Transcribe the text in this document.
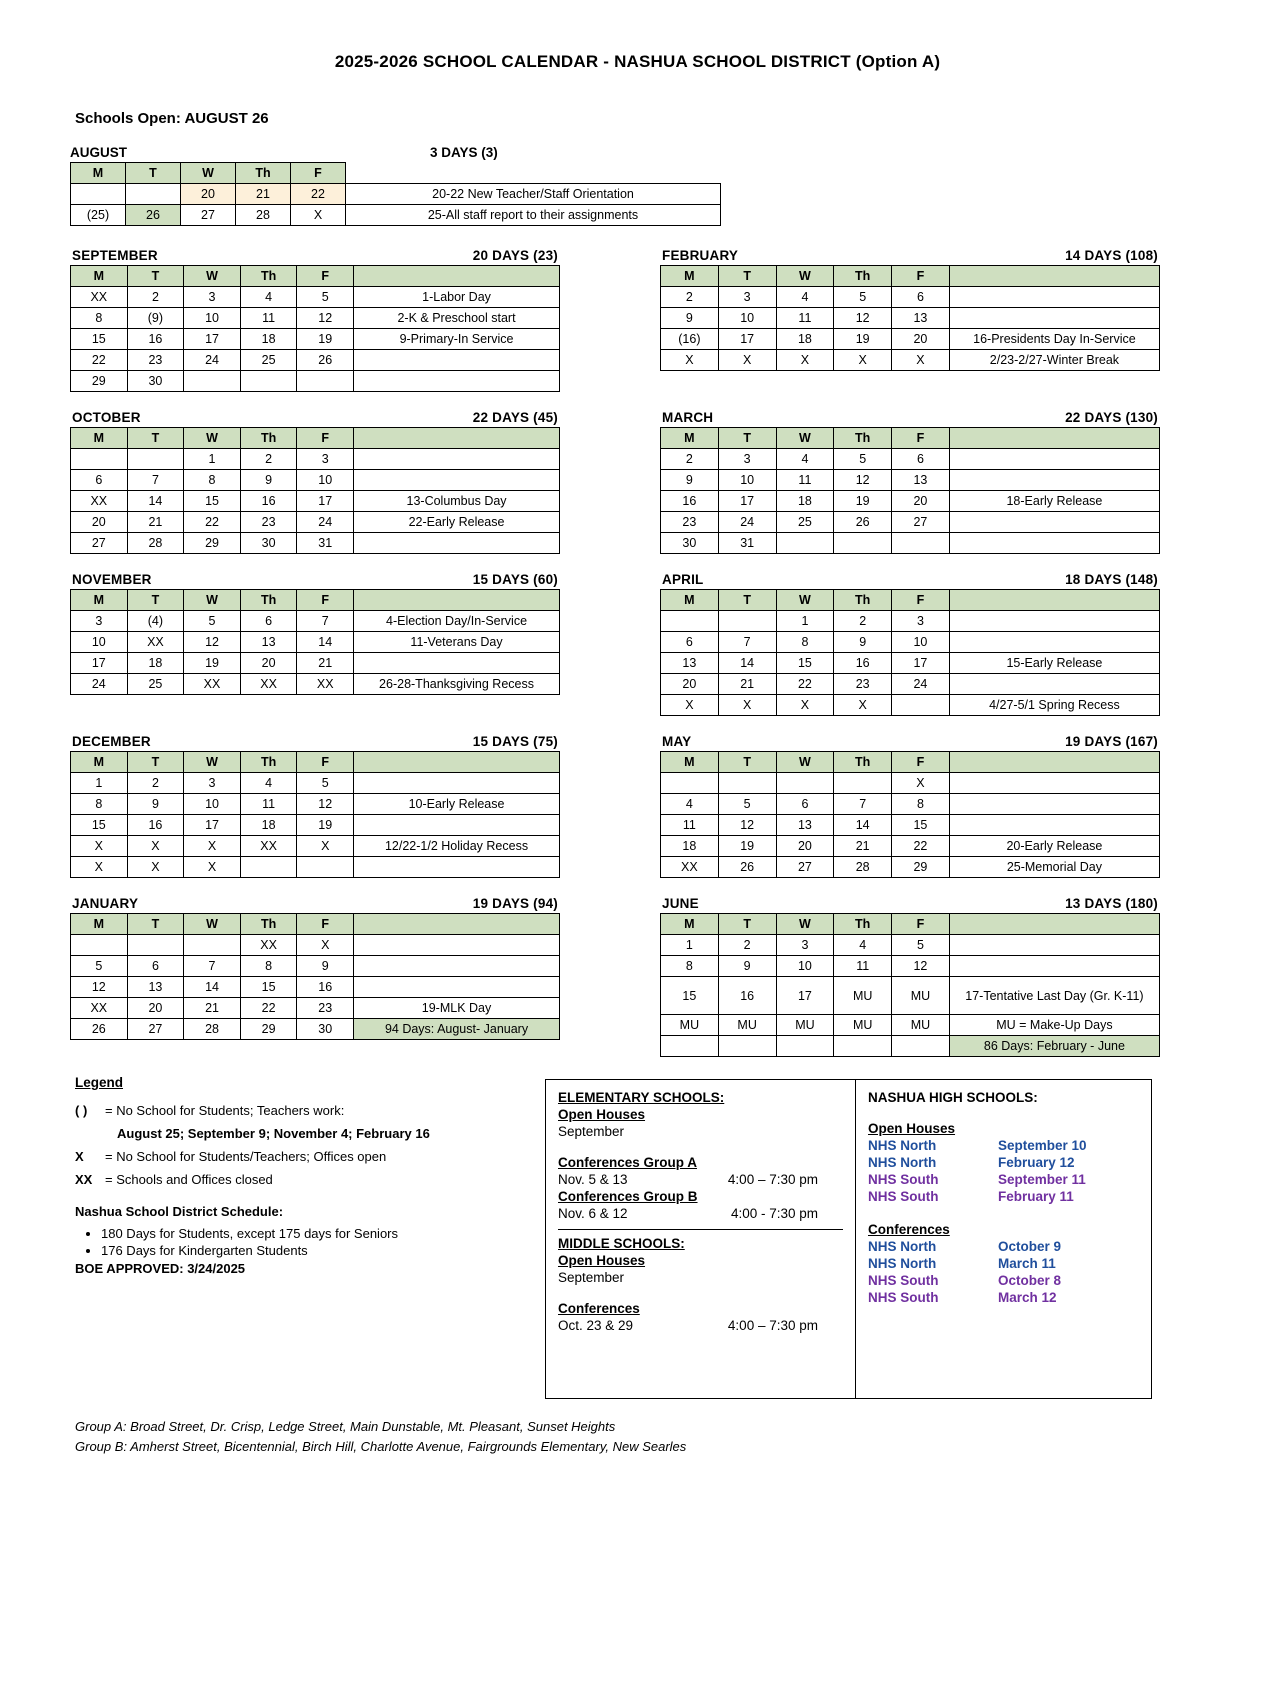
2025-2026 SCHOOL CALENDAR - NASHUA SCHOOL DISTRICT (Option A)
Schools Open: AUGUST 26
AUGUST	3 DAYS (3)
M	T	W	Th	F	
		20	21	22	20-22 New Teacher/Staff Orientation
(25)	26	27	28	X	25-All staff report to their assignments
SEPTEMBER	20 DAYS (23)
M	T	W	Th	F	
XX	2	3	4	5	1-Labor Day
8	(9)	10	11	12	2-K & Preschool start
15	16	17	18	19	9-Primary-In Service
22	23	24	25	26	
29	30				
FEBRUARY	14 DAYS (108)
M	T	W	Th	F	
2	3	4	5	6	
9	10	11	12	13	
(16)	17	18	19	20	16-Presidents Day In-Service
X	X	X	X	X	2/23-2/27-Winter Break
OCTOBER	22 DAYS (45)
M	T	W	Th	F	
		1	2	3	
6	7	8	9	10	
XX	14	15	16	17	13-Columbus Day
20	21	22	23	24	22-Early Release
27	28	29	30	31	
MARCH	22 DAYS (130)
M	T	W	Th	F	
2	3	4	5	6	
9	10	11	12	13	
16	17	18	19	20	18-Early Release
23	24	25	26	27	
30	31				
NOVEMBER	15 DAYS (60)
M	T	W	Th	F	
3	(4)	5	6	7	4-Election Day/In-Service
10	XX	12	13	14	11-Veterans Day
17	18	19	20	21	
24	25	XX	XX	XX	26-28-Thanksgiving Recess
APRIL	18 DAYS (148)
M	T	W	Th	F	
		1	2	3	
6	7	8	9	10	
13	14	15	16	17	15-Early Release
20	21	22	23	24	
X	X	X	X		4/27-5/1 Spring Recess
DECEMBER	15 DAYS (75)
M	T	W	Th	F	
1	2	3	4	5	
8	9	10	11	12	10-Early Release
15	16	17	18	19	
X	X	X	XX	X	12/22-1/2 Holiday Recess
X	X	X			
MAY	19 DAYS (167)
M	T	W	Th	F	
				X	
4	5	6	7	8	
11	12	13	14	15	
18	19	20	21	22	20-Early Release
XX	26	27	28	29	25-Memorial Day
JANUARY	19 DAYS (94)
M	T	W	Th	F	
			XX	X	
5	6	7	8	9	
12	13	14	15	16	
XX	20	21	22	23	19-MLK Day
26	27	28	29	30	94 Days: August- January
JUNE	13 DAYS (180)
M	T	W	Th	F	
1	2	3	4	5	
8	9	10	11	12	
15	16	17	MU	MU	17-Tentative Last Day (Gr. K-11)
MU	MU	MU	MU	MU	MU = Make-Up Days
					86 Days: February - June
Legend

( ) = No School for Students; Teachers work:

August 25; September 9; November 4; February 16

X = No School for Students/Teachers; Offices open

XX = Schools and Offices closed

Nashua School District Schedule:

• 180 Days for Students, except 175 days for Seniors
• 176 Days for Kindergarten Students

BOE APPROVED: 3/24/2025

ELEMENTARY SCHOOLS:
Open Houses
September
Conferences Group A
Nov. 5 & 13	4:00 – 7:30 pm
Conferences Group B
Nov. 6 & 12	4:00 - 7:30 pm
MIDDLE SCHOOLS:
Open Houses
September
Conferences
Oct. 23 & 29	4:00 – 7:30 pm
NASHUA HIGH SCHOOLS:
Open Houses
NHS North	September 10
NHS North	February 12
NHS South	September 11
NHS South	February 11
Conferences
NHS North	October 9
NHS North	March 11
NHS South	October 8
NHS South	March 12
Group A: Broad Street, Dr. Crisp, Ledge Street, Main Dunstable, Mt. Pleasant, Sunset Heights
Group B: Amherst Street, Bicentennial, Birch Hill, Charlotte Avenue, Fairgrounds Elementary, New Searles
